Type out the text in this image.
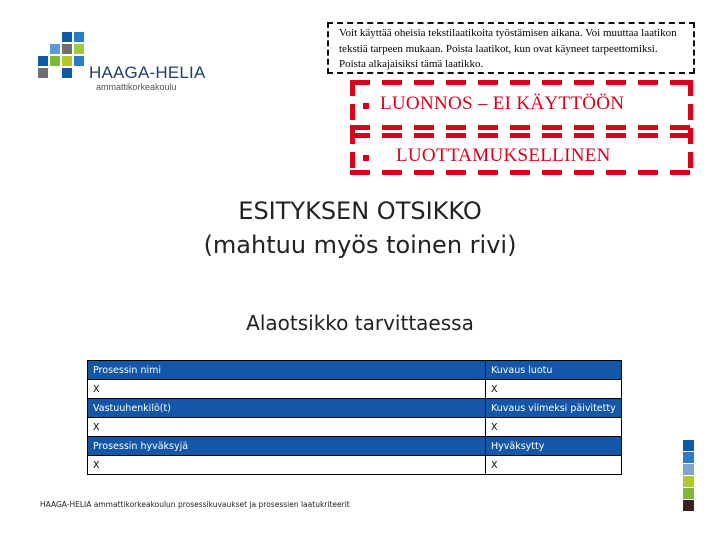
HAAGA-HELIA
ammattikorkeakoulu
Voit käyttää oheisia tekstilaatikoita työstämisen aikana. Voi muuttaa laatikon tekstiä tarpeen mukaan. Poista laatikot, kun ovat käyneet tarpeettomiksi. Poista alkajaisiksi tämä laatikko.
LUONNOS – EI KÄYTTÖÖN
LUOTTAMUKSELLINEN
ESITYKSEN OTSIKKO
(mahtuu myös toinen rivi)
Alaotsikko tarvittaessa
Prosessin nimi	Kuvaus luotu
X	X
Vastuuhenkilö(t)	Kuvaus viimeksi päivitetty
X	X
Prosessin hyväksyjä	Hyväksytty
X	X
HAAGA-HELIA ammattikorkeakoulun prosessikuvaukset ja prosessien laatukriteerit
